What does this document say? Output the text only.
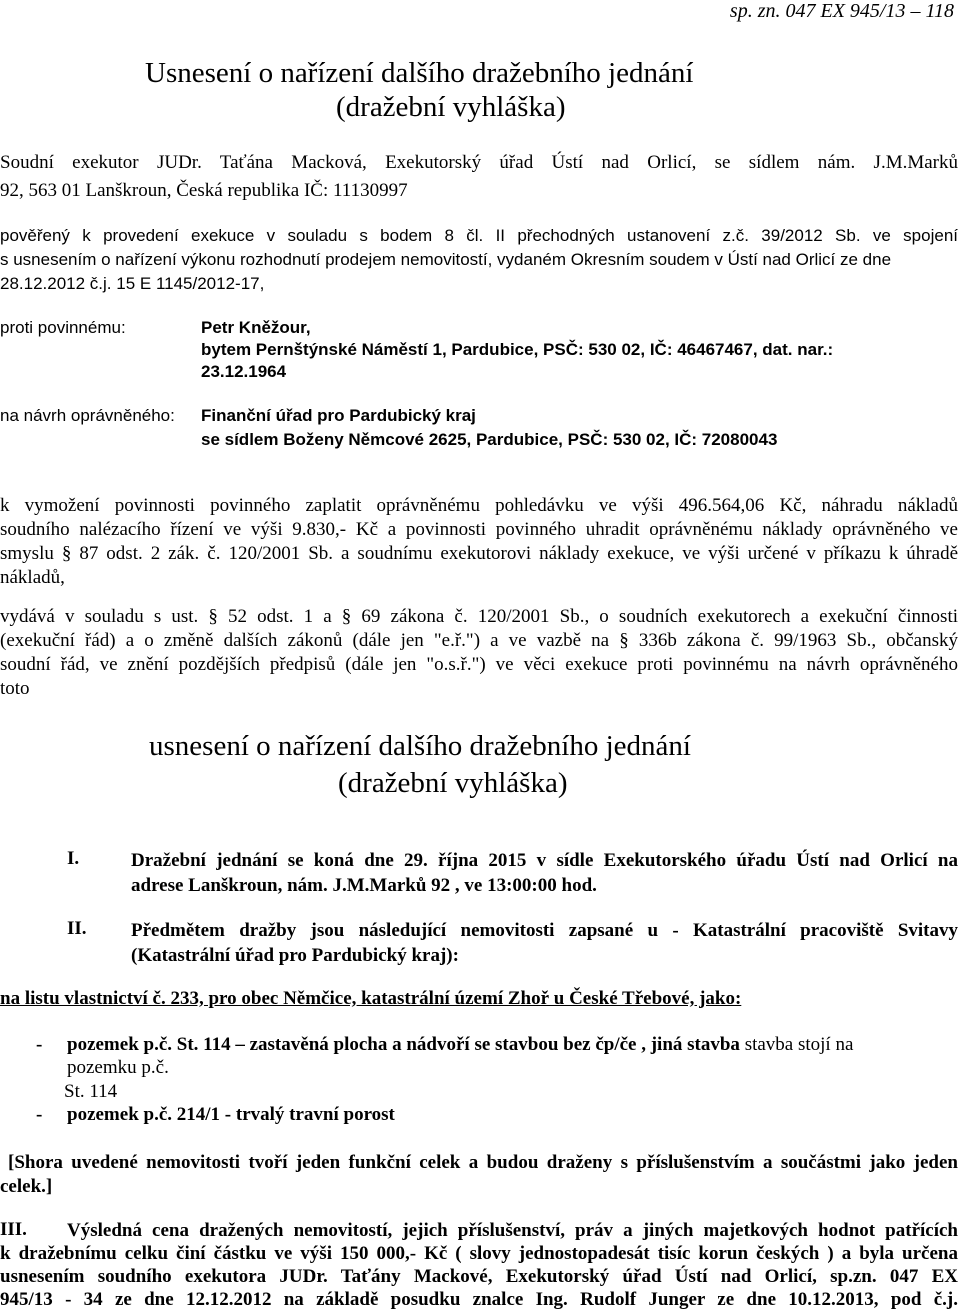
sp. zn. 047 EX 945/13 – 118
Usnesení o nařízení dalšího dražebního jednání
(dražební vyhláška)

Soudní exekutor JUDr. Taťána Macková, Exekutorský úřad Ústí nad Orlicí, se sídlem nám. J.M.Marků

92, 563 01 Lanškroun, Česká republika IČ: 11130997

pověřený k provedení exekuce v souladu s bodem 8 čl. II přechodných ustanovení z.č. 39/2012 Sb. ve spojení

s usnesením o nařízení výkonu rozhodnutí prodejem nemovitostí, vydaném Okresním soudem v Ústí nad Orlicí ze dne

28.12.2012 č.j. 15 E 1145/2012-17,

proti povinnému:	Petr Kněžour,
bytem Pernštýnské Náměstí 1, Pardubice, PSČ: 530 02, IČ: 46467467, dat. nar.:
23.12.1964
na návrh oprávněného: Finanční úřad pro Pardubický kraj
se sídlem Boženy Němcové 2625, Pardubice, PSČ: 530 02, IČ: 72080043

k vymožení povinnosti povinného zaplatit oprávněnému pohledávku ve výši 496.564,06 Kč, náhradu nákladů

soudního nalézacího řízení ve výši 9.830,- Kč a povinnosti povinného uhradit oprávněnému náklady oprávněného ve

smyslu § 87 odst. 2 zák. č. 120/2001 Sb. a soudnímu exekutorovi náklady exekuce, ve výši určené v příkazu k úhradě

nákladů,

vydává v souladu s ust. § 52 odst. 1 a § 69 zákona č. 120/2001 Sb., o soudních exekutorech a exekuční činnosti

(exekuční řád) a o změně dalších zákonů (dále jen "e.ř.") a ve vazbě na § 336b zákona č. 99/1963 Sb., občanský

soudní řád, ve znění pozdějších předpisů (dále jen "o.s.ř.") ve věci exekuce proti povinnému na návrh oprávněného

toto

usnesení o nařízení dalšího dražebního jednání
(dražební vyhláška)
I.	Dražební jednání se koná dne 29. října 2015 v sídle Exekutorského úřadu Ústí nad Orlicí na

adrese Lanškroun, nám. J.M.Marků 92 , ve 13:00:00 hod.

II. Předmětem dražby jsou následující nemovitosti zapsané u - Katastrální pracoviště Svitavy

(Katastrální úřad pro Pardubický kraj):

na listu vlastnictví č. 233, pro obec Němčice, katastrální území Zhoř u České Třebové, jako:
- pozemek p.č. St. 114 – zastavěná plocha a nádvoří se stavbou bez čp/če , jiná stavba stavba stojí na
pozemku p.č.
St. 114
- pozemek p.č. 214/1 - trvalý travní porost

[Shora uvedené nemovitosti tvoří jeden funkční celek a budou draženy s příslušenstvím a součástmi jako jeden

celek.]

III. Výsledná cena dražených nemovitostí, jejich příslušenství, práv a jiných majetkových hodnot patřících

k dražebnímu celku činí částku ve výši 150 000,- Kč ( slovy jednostopadesát tisíc korun českých ) a byla určena

usnesením soudního exekutora JUDr. Taťány Mackové, Exekutorský úřad Ústí nad Orlicí, sp.zn. 047 EX

945/13 - 34 ze dne 12.12.2012 na základě posudku znalce Ing. Rudolf Junger ze dne 10.12.2013, pod č.j.
